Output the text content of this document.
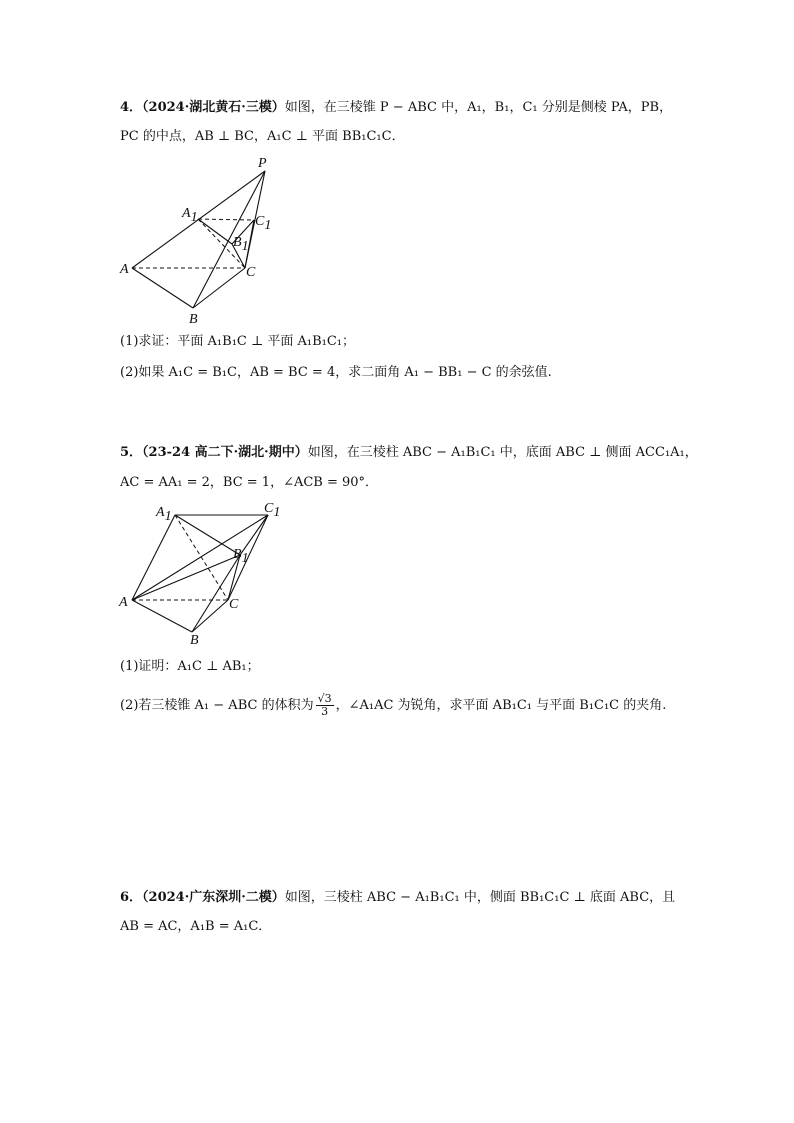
4．（2024·湖北黄石·三模）如图，在三棱锥 P − ABC 中，A₁，B₁，C₁ 分别是侧棱 PA，PB，
PC 的中点，AB ⊥ BC，A₁C ⊥ 平面 BB₁C₁C．
P
A1	C1
B1
A	C
B
(1)求证：平面 A₁B₁C ⊥ 平面 A₁B₁C₁；
(2)如果 A₁C = B₁C，AB = BC = 4，求二面角 A₁ − BB₁ − C 的余弦值.
5．（23-24 高二下·湖北·期中）如图，在三棱柱 ABC − A₁B₁C₁ 中，底面 ABC ⊥ 侧面 ACC₁A₁，
AC = AA₁ = 2，BC = 1，∠ACB = 90°．
A1
C1
B1
A	C
B
(1)证明：A₁C ⊥ AB₁；
(2)若三棱锥 A₁ − ABC 的体积为 $\frac{√3}{3}$ ，∠A₁AC 为锐角，求平面 AB₁C₁ 与平面 B₁C₁C 的夹角.
6．（2024·广东深圳·二模）如图，三棱柱 ABC − A₁B₁C₁ 中，侧面 BB₁C₁C ⊥ 底面 ABC，且
AB = AC，A₁B = A₁C．
